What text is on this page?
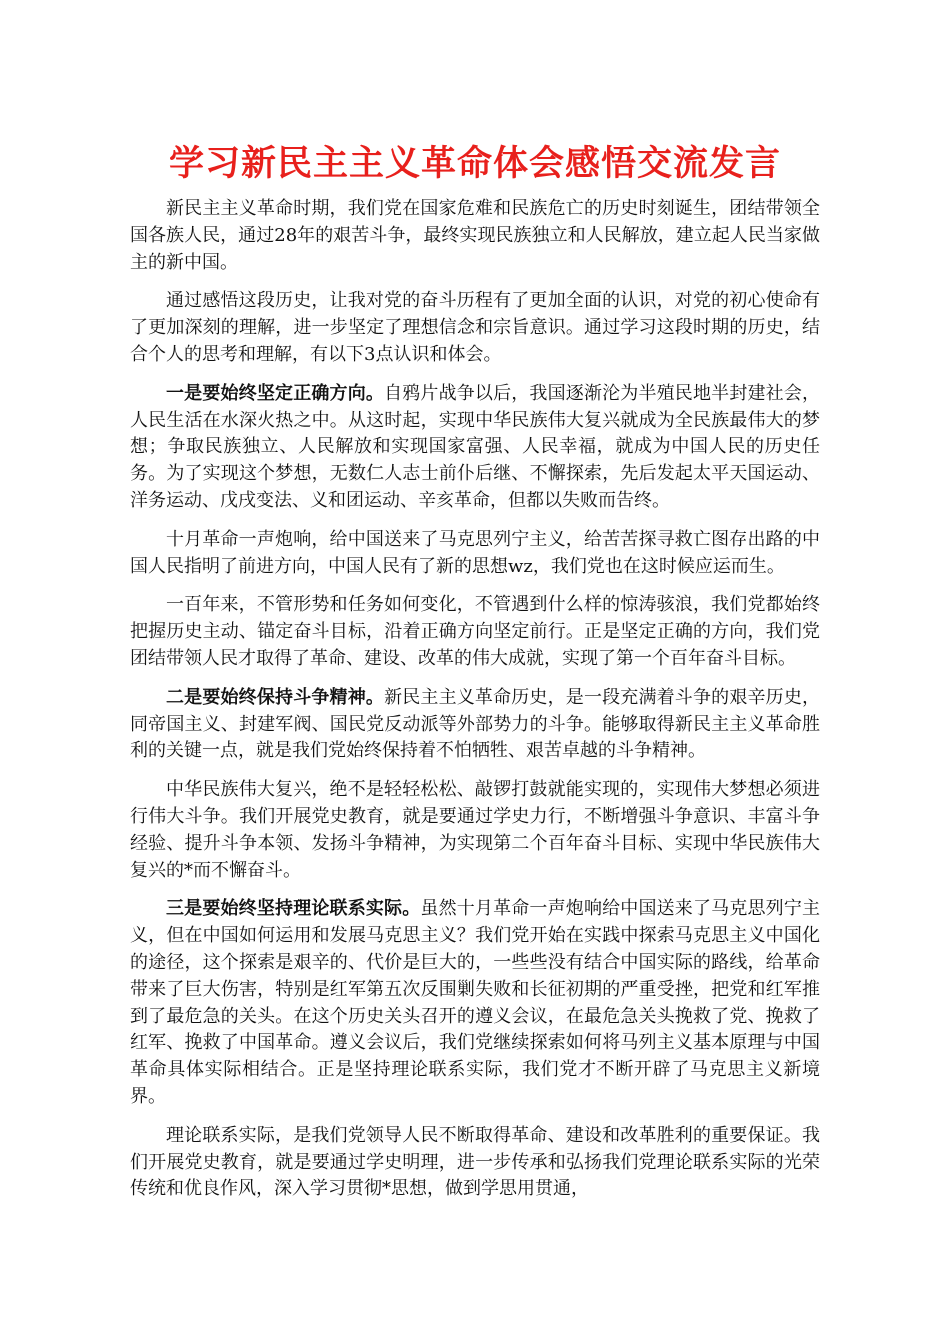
学习新民主主义革命体会感悟交流发言

新民主主义革命时期，我们党在国家危难和民族危亡的历史时刻诞生，团结带领全国各族人民，通过28年的艰苦斗争，最终实现民族独立和人民解放，建立起人民当家做主的新中国。

通过感悟这段历史，让我对党的奋斗历程有了更加全面的认识，对党的初心使命有了更加深刻的理解，进一步坚定了理想信念和宗旨意识。通过学习这段时期的历史，结合个人的思考和理解，有以下3点认识和体会。

一是要始终坚定正确方向。自鸦片战争以后，我国逐渐沦为半殖民地半封建社会，人民生活在水深火热之中。从这时起，实现中华民族伟大复兴就成为全民族最伟大的梦想；争取民族独立、人民解放和实现国家富强、人民幸福，就成为中国人民的历史任务。为了实现这个梦想，无数仁人志士前仆后继、不懈探索，先后发起太平天国运动、洋务运动、戊戌变法、义和团运动、辛亥革命，但都以失败而告终。

十月革命一声炮响，给中国送来了马克思列宁主义，给苦苦探寻救亡图存出路的中国人民指明了前进方向，中国人民有了新的思想wz，我们党也在这时候应运而生。

一百年来，不管形势和任务如何变化，不管遇到什么样的惊涛骇浪，我们党都始终把握历史主动、锚定奋斗目标，沿着正确方向坚定前行。正是坚定正确的方向，我们党团结带领人民才取得了革命、建设、改革的伟大成就，实现了第一个百年奋斗目标。

二是要始终保持斗争精神。新民主主义革命历史，是一段充满着斗争的艰辛历史，同帝国主义、封建军阀、国民党反动派等外部势力的斗争。能够取得新民主主义革命胜利的关键一点，就是我们党始终保持着不怕牺牲、艰苦卓越的斗争精神。

中华民族伟大复兴，绝不是轻轻松松、敲锣打鼓就能实现的，实现伟大梦想必须进行伟大斗争。我们开展党史教育，就是要通过学史力行，不断增强斗争意识、丰富斗争经验、提升斗争本领、发扬斗争精神，为实现第二个百年奋斗目标、实现中华民族伟大复兴的*而不懈奋斗。

三是要始终坚持理论联系实际。虽然十月革命一声炮响给中国送来了马克思列宁主义，但在中国如何运用和发展马克思主义？我们党开始在实践中探索马克思主义中国化的途径，这个探索是艰辛的、代价是巨大的，一些些没有结合中国实际的路线，给革命带来了巨大伤害，特别是红军第五次反围剿失败和长征初期的严重受挫，把党和红军推到了最危急的关头。在这个历史关头召开的遵义会议，在最危急关头挽救了党、挽救了红军、挽救了中国革命。遵义会议后，我们党继续探索如何将马列主义基本原理与中国革命具体实际相结合。正是坚持理论联系实际，我们党才不断开辟了马克思主义新境界。

理论联系实际，是我们党领导人民不断取得革命、建设和改革胜利的重要保证。我们开展党史教育，就是要通过学史明理，进一步传承和弘扬我们党理论联系实际的光荣传统和优良作风，深入学习贯彻*思想，做到学思用贯通，
